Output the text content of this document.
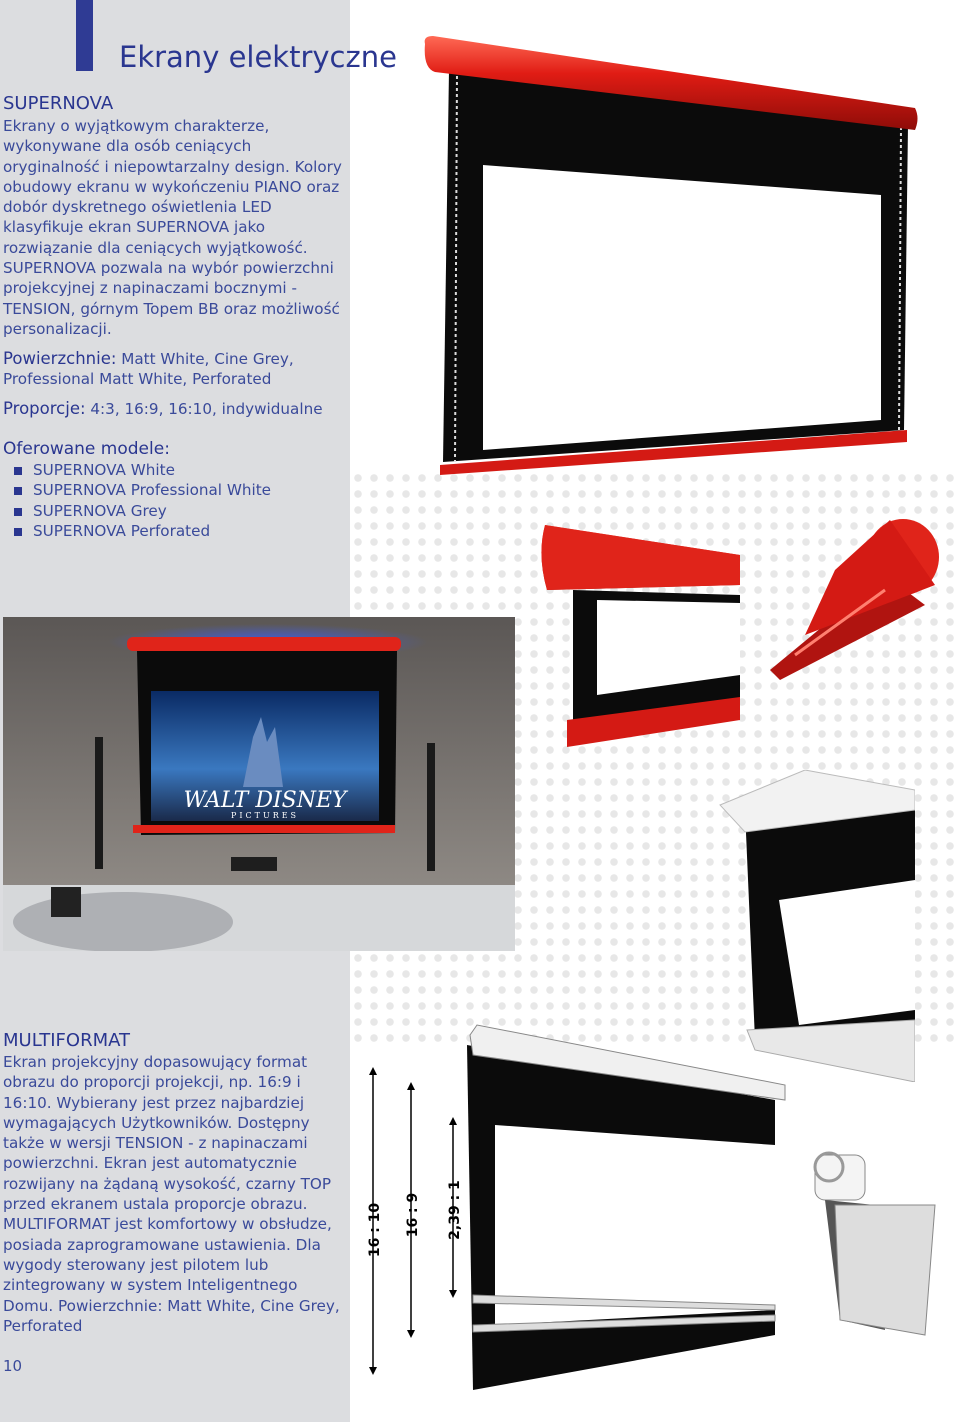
Ekrany elektryczne
SUPERNOVA
Ekrany o wyjątkowym charakterze, wykonywane dla osób ceniących oryginalność i niepowtarzalny design. Kolory obudowy ekranu w wykończeniu PIANO oraz dobór dyskretnego oświetlenia LED klasyfikuje ekran SUPERNOVA jako rozwiązanie dla ceniących wyjątkowość. SUPERNOVA pozwala na wybór powierzchni projekcyjnej z napinaczami bocznymi - TENSION, górnym Topem BB oraz możliwość personalizacji.
Powierzchnie: Matt White, Cine Grey, Professional Matt White, Perforated
Proporcje: 4:3, 16:9, 16:10, indywidualne
Oferowane modele:
SUPERNOVA White
SUPERNOVA Professional White
SUPERNOVA Grey
SUPERNOVA Perforated
WALT DISNEY
PICTURES
MULTIFORMAT
Ekran projekcyjny dopasowujący format obrazu do proporcji projekcji, np. 16:9 i 16:10. Wybierany jest przez najbardziej wymagających Użytkowników. Dostępny także w wersji TENSION - z napinaczami powierzchni. Ekran jest automatycznie rozwijany na żądaną wysokość, czarny TOP przed ekranem ustala proporcje obrazu. MULTIFORMAT jest komfortowy w obsłudze, posiada zaprogramowane ustawienia. Dla wygody sterowany jest pilotem lub zintegrowany w system Inteligentnego Domu. Powierzchnie: Matt White, Cine Grey, Perforated
16 : 10 16 : 9 2,39 : 1
10
